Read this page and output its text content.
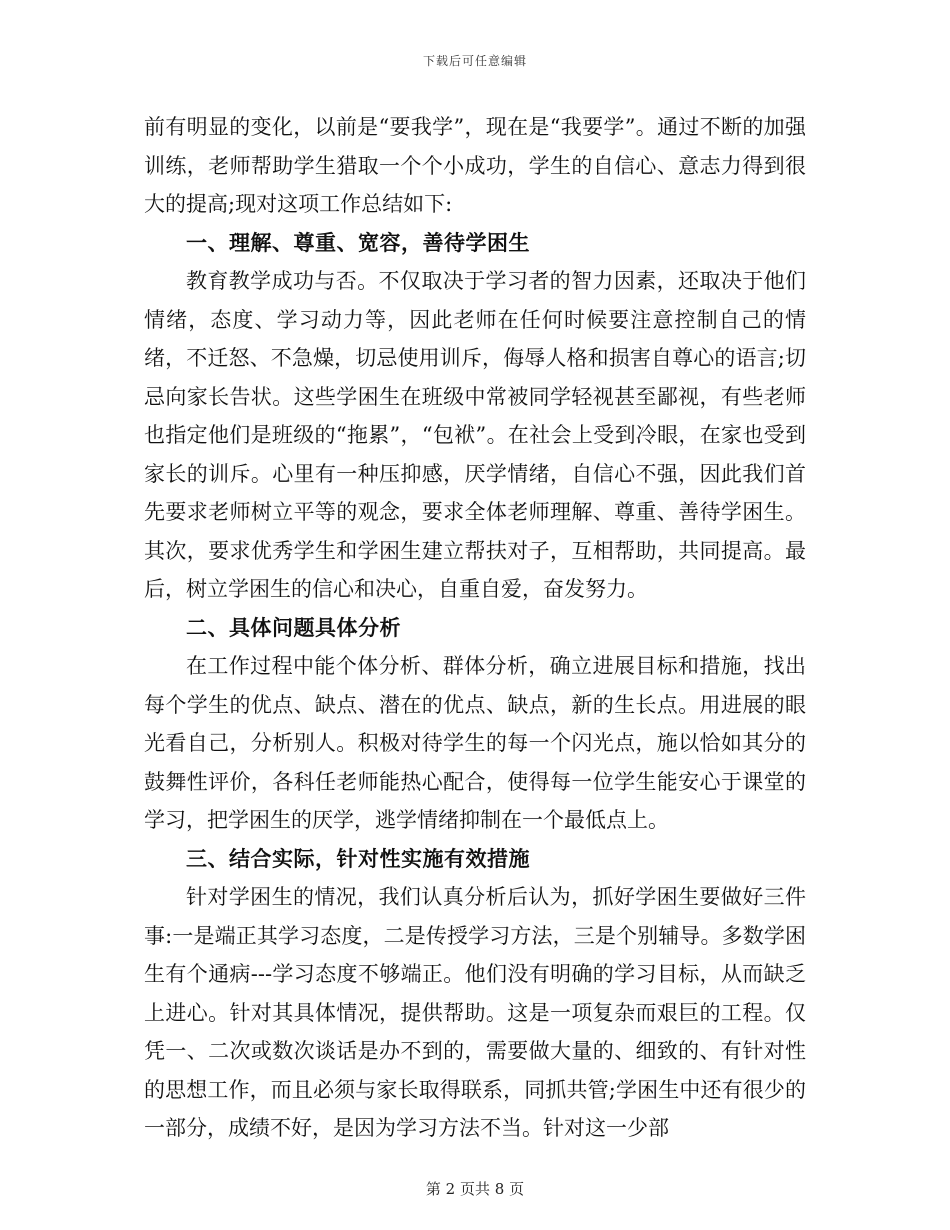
下载后可任意编辑

前有明显的变化，以前是“要我学”，现在是“我要学”。通过不断的加强训练，老师帮助学生猎取一个个小成功，学生的自信心、意志力得到很大的提高;现对这项工作总结如下:

一、理解、尊重、宽容，善待学困生

教育教学成功与否。不仅取决于学习者的智力因素，还取决于他们情绪，态度、学习动力等，因此老师在任何时候要注意控制自己的情绪，不迁怒、不急燥，切忌使用训斥，侮辱人格和损害自尊心的语言;切忌向家长告状。这些学困生在班级中常被同学轻视甚至鄙视，有些老师也指定他们是班级的“拖累”，“包袱”。在社会上受到冷眼，在家也受到家长的训斥。心里有一种压抑感，厌学情绪，自信心不强，因此我们首先要求老师树立平等的观念，要求全体老师理解、尊重、善待学困生。其次，要求优秀学生和学困生建立帮扶对子，互相帮助，共同提高。最后，树立学困生的信心和决心，自重自爱，奋发努力。

二、具体问题具体分析

在工作过程中能个体分析、群体分析，确立进展目标和措施，找出每个学生的优点、缺点、潜在的优点、缺点，新的生长点。用进展的眼光看自己，分析别人。积极对待学生的每一个闪光点，施以恰如其分的鼓舞性评价，各科任老师能热心配合，使得每一位学生能安心于课堂的学习，把学困生的厌学，逃学情绪抑制在一个最低点上。

三、结合实际，针对性实施有效措施

针对学困生的情况，我们认真分析后认为，抓好学困生要做好三件事:一是端正其学习态度，二是传授学习方法，三是个别辅导。多数学困生有个通病---学习态度不够端正。他们没有明确的学习目标，从而缺乏上进心。针对其具体情况，提供帮助。这是一项复杂而艰巨的工程。仅凭一、二次或数次谈话是办不到的，需要做大量的、细致的、有针对性的思想工作，而且必须与家长取得联系，同抓共管;学困生中还有很少的一部分，成绩不好，是因为学习方法不当。针对这一少部

第 2 页共 8 页
